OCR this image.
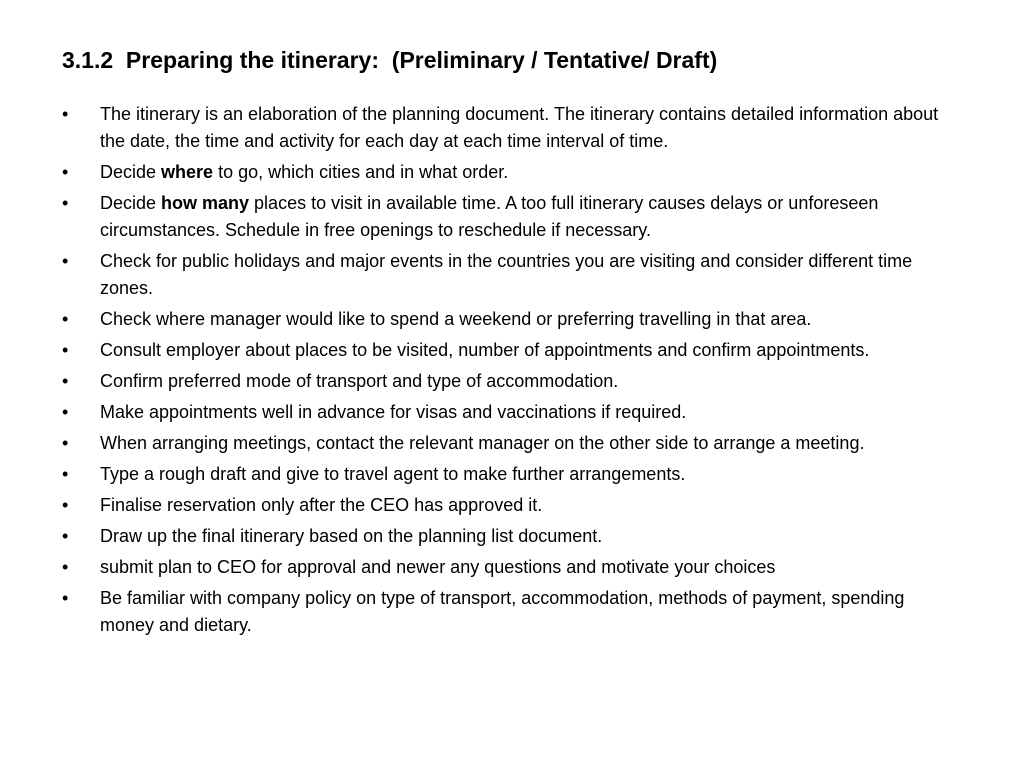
3.1.2  Preparing the itinerary:  (Preliminary / Tentative/ Draft)
•	The itinerary is an elaboration of the planning document. The itinerary contains detailed information about the date, the time and activity for each day at each time interval of time.
•	Decide where to go, which cities and in what order.
•	Decide how many places to visit in available time. A too full itinerary causes delays or unforeseen circumstances. Schedule in free openings to reschedule if necessary.
•	Check for public holidays and major events in the countries you are visiting and consider different time zones.
•	Check where manager would like to spend a weekend or preferring travelling in that area.
•	Consult employer about places to be visited, number of appointments and confirm appointments.
•	Confirm preferred mode of transport and type of accommodation.
•	Make appointments well in advance for visas and vaccinations if required.
•	When arranging meetings, contact the relevant manager on the other side to arrange a meeting.
•	Type a rough draft and give to travel agent to make further arrangements.
•	Finalise reservation only after the CEO has approved it.
•	Draw up the final itinerary based on the planning list document.
•	submit plan to CEO for approval and newer any questions and motivate your choices
•	Be familiar with company policy on type of transport, accommodation, methods of payment, spending money and dietary.
